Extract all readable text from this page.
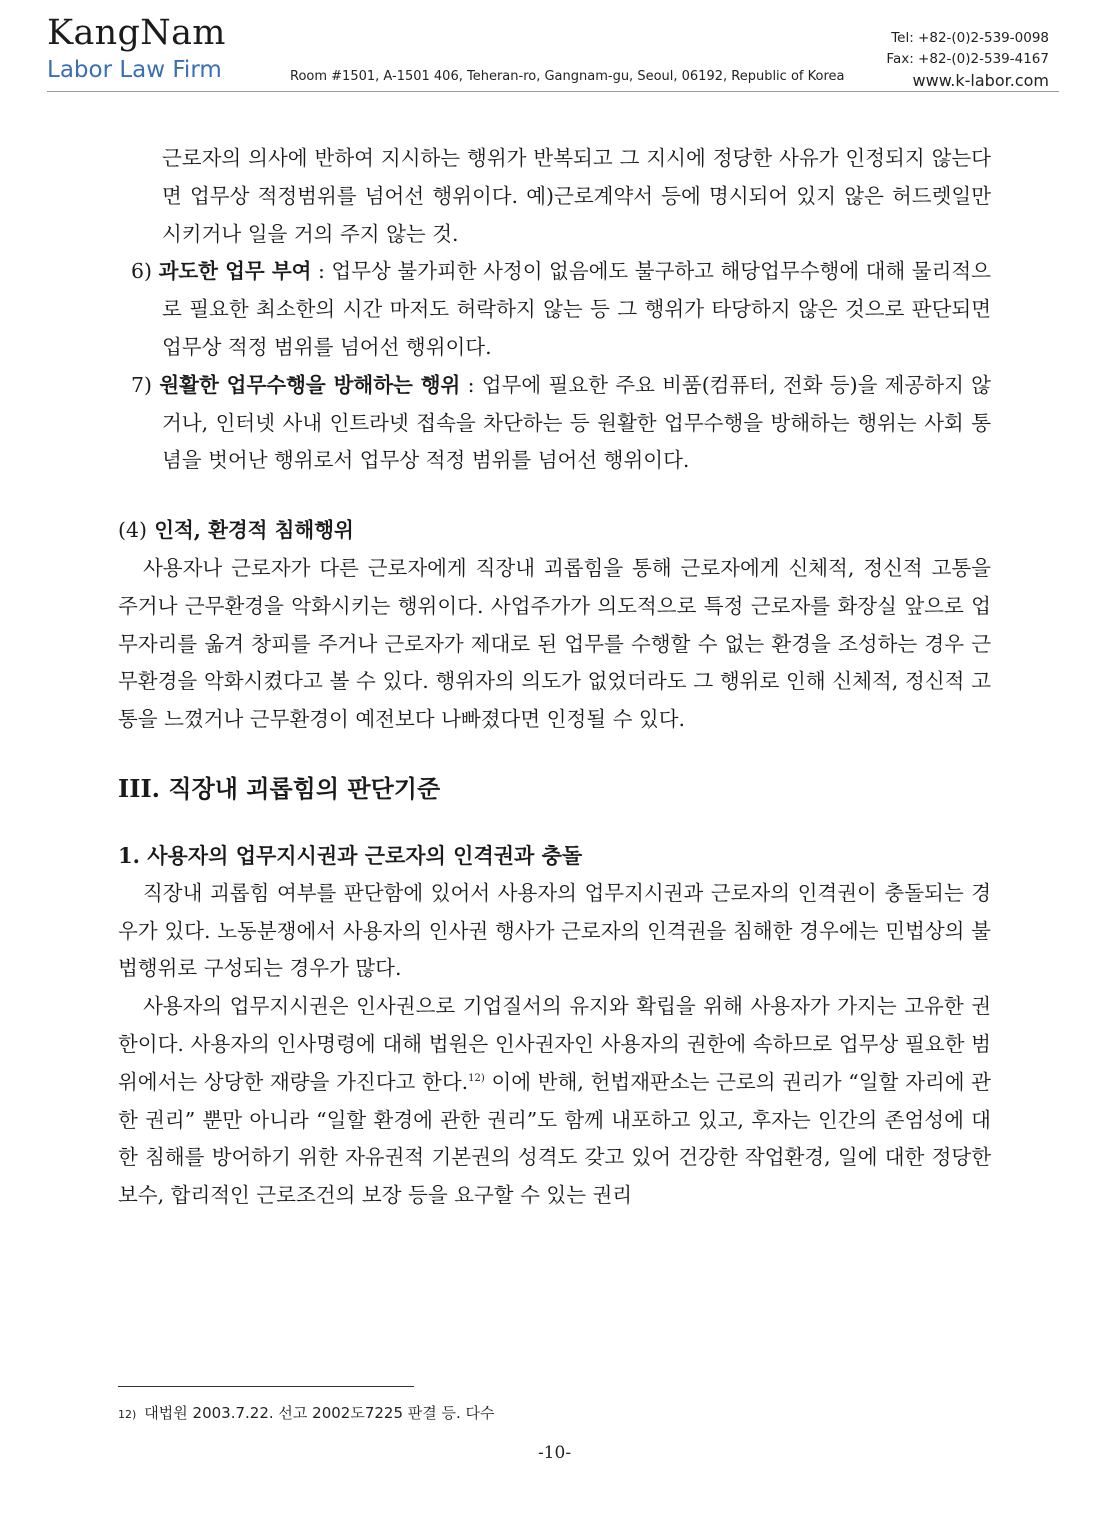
KangNam
Labor Law Firm	Room #1501, A-1501 406, Teheran-ro, Gangnam-gu, Seoul, 06192, Republic of Korea
Tel: +82-(0)2-539-0098
Fax: +82-(0)2-539-4167
www.k-labor.com

근로자의 의사에 반하여 지시하는 행위가 반복되고 그 지시에 정당한 사유가 인정되지 않는다면 업무상 적정범위를 넘어선 행위이다. 예)근로계약서 등에 명시되어 있지 않은 허드렛일만 시키거나 일을 거의 주지 않는 것.

6) 과도한 업무 부여 : 업무상 불가피한 사정이 없음에도 불구하고 해당업무수행에 대해 물리적으로 필요한 최소한의 시간 마저도 허락하지 않는 등 그 행위가 타당하지 않은 것으로 판단되면 업무상 적정 범위를 넘어선 행위이다.

7) 원활한 업무수행을 방해하는 행위 : 업무에 필요한 주요 비품(컴퓨터, 전화 등)을 제공하지 않거나, 인터넷 사내 인트라넷 접속을 차단하는 등 원활한 업무수행을 방해하는 행위는 사회 통념을 벗어난 행위로서 업무상 적정 범위를 넘어선 행위이다.

(4) 인적, 환경적 침해행위

사용자나 근로자가 다른 근로자에게 직장내 괴롭힘을 통해 근로자에게 신체적, 정신적 고통을 주거나 근무환경을 악화시키는 행위이다. 사업주가가 의도적으로 특정 근로자를 화장실 앞으로 업무자리를 옮겨 창피를 주거나 근로자가 제대로 된 업무를 수행할 수 없는 환경을 조성하는 경우 근무환경을 악화시켰다고 볼 수 있다. 행위자의 의도가 없었더라도 그 행위로 인해 신체적, 정신적 고통을 느꼈거나 근무환경이 예전보다 나빠졌다면 인정될 수 있다.

III. 직장내 괴롭힘의 판단기준
1. 사용자의 업무지시권과 근로자의 인격권과 충돌

직장내 괴롭힘 여부를 판단함에 있어서 사용자의 업무지시권과 근로자의 인격권이 충돌되는 경우가 있다. 노동분쟁에서 사용자의 인사권 행사가 근로자의 인격권을 침해한 경우에는 민법상의 불법행위로 구성되는 경우가 많다.

사용자의 업무지시권은 인사권으로 기업질서의 유지와 확립을 위해 사용자가 가지는 고유한 권한이다. 사용자의 인사명령에 대해 법원은 인사권자인 사용자의 권한에 속하므로 업무상 필요한 범위에서는 상당한 재량을 가진다고 한다.$^{12)}$ 이에 반해, 헌법재판소는 근로의 권리가 “일할 자리에 관한 권리” 뿐만 아니라 “일할 환경에 관한 권리”도 함께 내포하고 있고, 후자는 인간의 존엄성에 대한 침해를 방어하기 위한 자유권적 기본권의 성격도 갖고 있어 건강한 작업환경, 일에 대한 정당한 보수, 합리적인 근로조건의 보장 등을 요구할 수 있는 권리

12) 대법원 2003.7.22. 선고 2002도7225 판결 등. 다수
-10-
